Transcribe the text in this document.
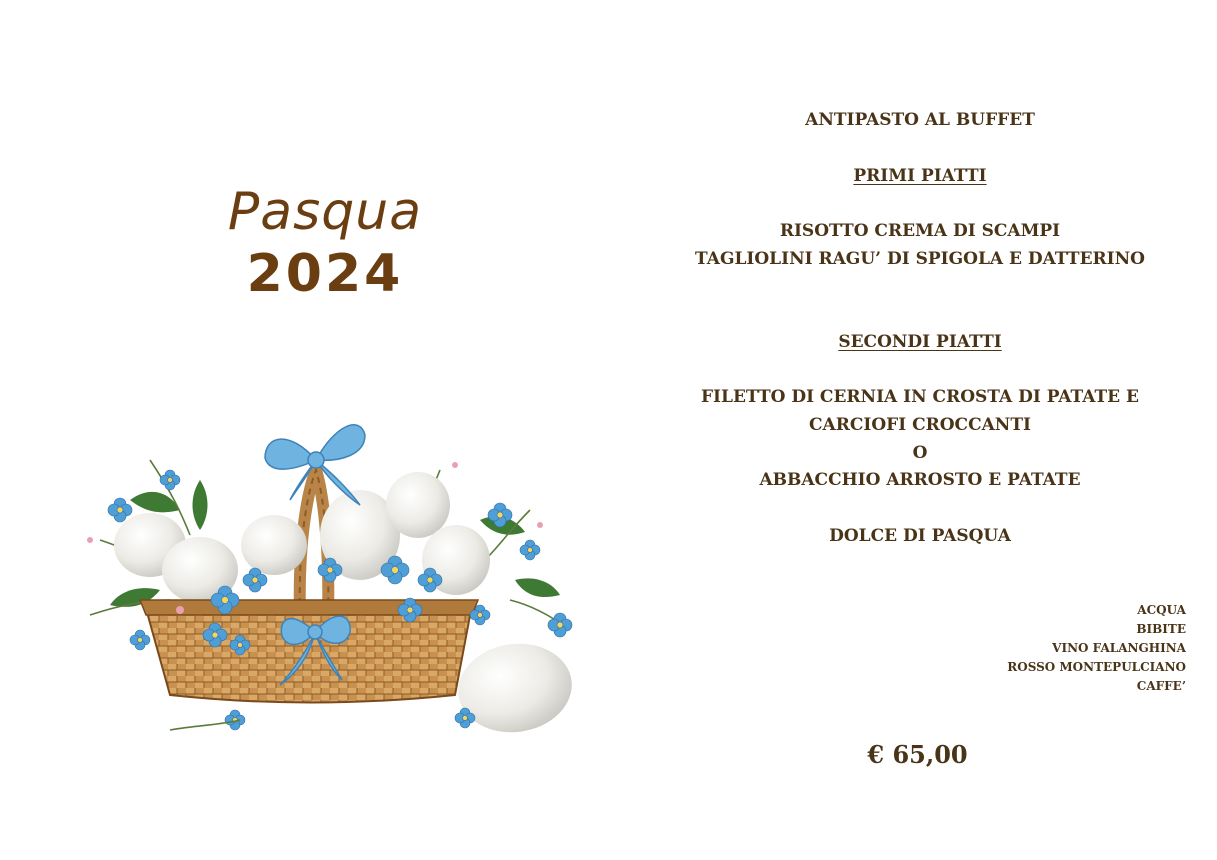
Pasqua
2024
ANTIPASTO AL BUFFET
PRIMI PIATTI
RISOTTO CREMA DI SCAMPI
TAGLIOLINI RAGU’ DI SPIGOLA E DATTERINO
SECONDI PIATTI
FILETTO DI CERNIA IN CROSTA DI PATATE E
CARCIOFI CROCCANTI
O
ABBACCHIO ARROSTO E PATATE
DOLCE DI PASQUA
ACQUA
BIBITE
VINO FALANGHINA
ROSSO MONTEPULCIANO
CAFFE’
€ 65,00
